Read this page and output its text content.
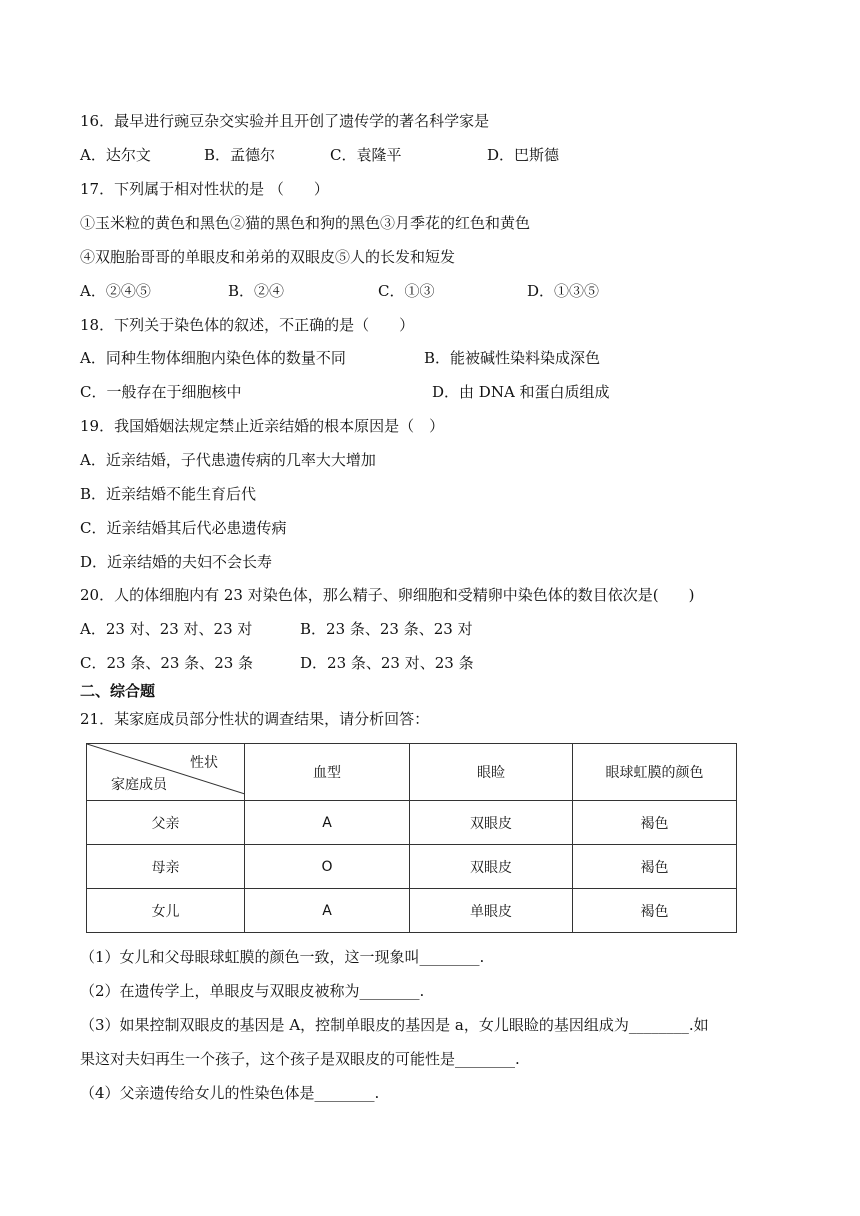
16．最早进行豌豆杂交实验并且开创了遗传学的著名科学家是
A．达尔文	B．孟德尔	C．袁隆平	D．巴斯德
17．下列属于相对性状的是 （　　）
①玉米粒的黄色和黑色②猫的黑色和狗的黑色③月季花的红色和黄色
④双胞胎哥哥的单眼皮和弟弟的双眼皮⑤人的长发和短发
A．②④⑤	B．②④	C．①③	D．①③⑤
18．下列关于染色体的叙述，不正确的是（　　）
A．同种生物体细胞内染色体的数量不同	B．能被碱性染料染成深色
C．一般存在于细胞核中	D．由 DNA 和蛋白质组成
19．我国婚姻法规定禁止近亲结婚的根本原因是（　）
A．近亲结婚，子代患遗传病的几率大大增加
B．近亲结婚不能生育后代
C．近亲结婚其后代必患遗传病
D．近亲结婚的夫妇不会长寿
20．人的体细胞内有 23 对染色体，那么精子、卵细胞和受精卵中染色体的数目依次是(　　)
A．23 对、23 对、23 对	B．23 条、23 条、23 对
C．23 条、23 条、23 条	D．23 条、23 对、23 条
二、综合题
21．某家庭成员部分性状的调查结果，请分析回答：
性状
家庭成员	血型	眼睑	眼球虹膜的颜色
父亲	A	双眼皮	褐色
母亲	O	双眼皮	褐色
女儿	A	单眼皮	褐色
（1）女儿和父母眼球虹膜的颜色一致，这一现象叫________.
（2）在遗传学上，单眼皮与双眼皮被称为________.
（3）如果控制双眼皮的基因是 A，控制单眼皮的基因是 a，女儿眼睑的基因组成为________.如
果这对夫妇再生一个孩子，这个孩子是双眼皮的可能性是________.
（4）父亲遗传给女儿的性染色体是________.
